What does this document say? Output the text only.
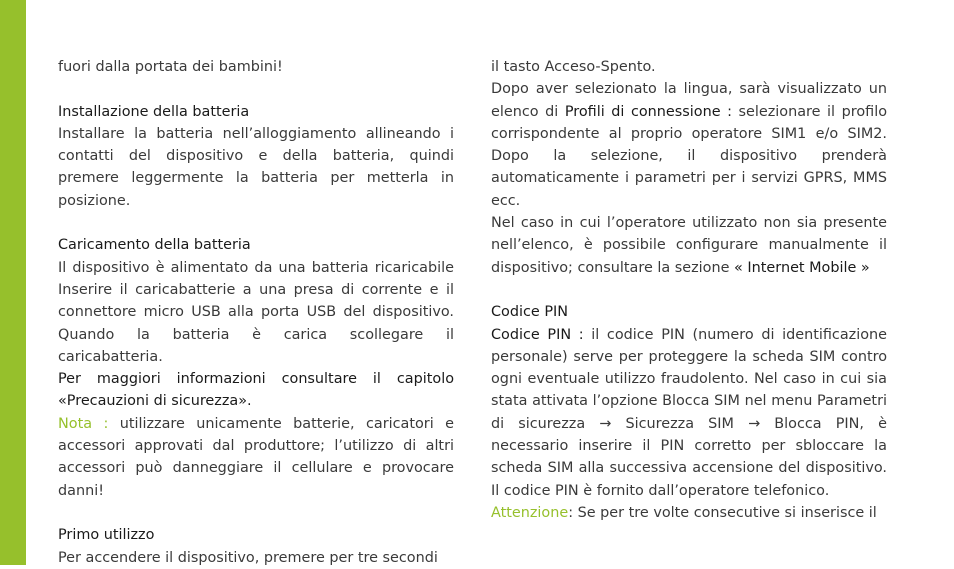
fuori dalla portata dei bambini!

Installazione della batteria

Installare la batteria nell’alloggiamento allineando i contatti del dispositivo e della batteria, quindi premere leggermente la batteria per metterla in posizione.

Caricamento della batteria

Il dispositivo è alimentato da una batteria ricaricabile Inserire il caricabatterie a una presa di corrente e il connettore micro USB alla porta USB del dispositivo. Quando la batteria è carica scollegare il caricabatteria.

Per maggiori informazioni consultare il capitolo «Precauzioni di sicurezza».

Nota : utilizzare unicamente batterie, caricatori e accessori approvati dal produttore; l’utilizzo di altri accessori può danneggiare il cellulare e provocare danni!

Primo utilizzo

Per accendere il dispositivo, premere per tre secondi

il tasto Acceso-Spento.

Dopo aver selezionato la lingua, sarà visualizzato un elenco di Profili di connessione : selezionare il profilo corrispondente al proprio operatore SIM1 e/o SIM2. Dopo la selezione, il dispositivo prenderà automaticamente i parametri per i servizi GPRS, MMS ecc.

Nel caso in cui l’operatore utilizzato non sia presente nell’elenco, è possibile configurare manualmente il dispositivo; consultare la sezione « Internet Mobile »

Codice PIN

Codice PIN : il codice PIN (numero di identificazione personale) serve per proteggere la scheda SIM contro ogni eventuale utilizzo fraudolento. Nel caso in cui sia stata attivata l’opzione Blocca SIM nel menu Parametri di sicurezza → Sicurezza SIM → Blocca PIN, è necessario inserire il PIN corretto per sbloccare la scheda SIM alla successiva accensione del dispositivo. Il codice PIN è fornito dall’operatore telefonico.

Attenzione: Se per tre volte consecutive si inserisce il
